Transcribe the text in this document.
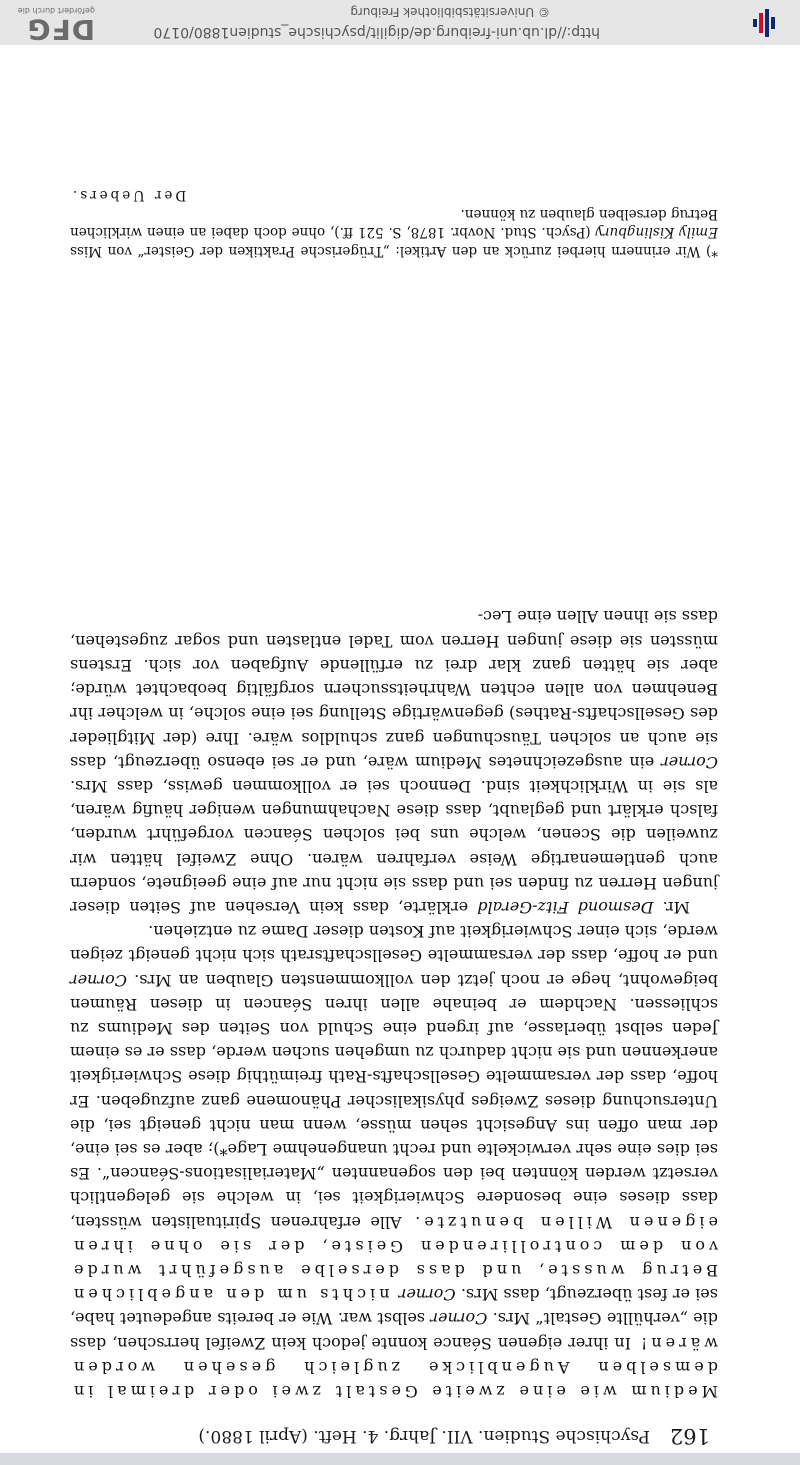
162
Psychische Studien. VII. Jahrg. 4. Heft. (April 1880.)

Medium wie eine zweite Gestalt zwei oder dreimal in demselben Augenblicke zugleich gesehen worden wären! In ihrer eigenen Séance konnte jedoch kein Zweifel herrschen, dass die „verhüllte Gestalt“ Mrs. Corner selbst war. Wie er bereits angedeutet habe, sei er fest überzeugt, dass Mrs. Corner nichts um den angeblichen Betrug wusste, und dass derselbe ausgeführt wurde von dem controllirenden Geiste, der sie ohne ihren eigenen Willen benutzte. Alle erfahrenen Spiritualisten wüssten, dass dieses eine besondere Schwierigkeit sei, in welche sie gelegentlich versetzt werden könnten bei den sogenannten „Materialisations-Séancen“. Es sei dies eine sehr verwickelte und recht unangenehme Lage*); aber es sei eine, der man offen ins Angesicht sehen müsse, wenn man nicht geneigt sei, die Untersuchung dieses Zweiges physikalischer Phänomene ganz aufzugeben. Er hoffe, dass der versammelte Gesellschafts-Rath freimüthig diese Schwierigkeit anerkennen und sie nicht dadurch zu umgehen suchen werde, dass er es einem Jeden selbst überlasse, auf irgend eine Schuld von Seiten des Mediums zu schliessen. Nachdem er beinahe allen ihren Séancen in diesen Räumen beigewohnt, hege er noch jetzt den vollkommensten Glauben an Mrs. Corner und er hoffe, dass der versammelte Gesellschaftsrath sich nicht geneigt zeigen werde, sich einer Schwierigkeit auf Kosten dieser Dame zu entziehen.

Mr. Desmond Fitz-Gerald erklärte, dass kein Versehen auf Seiten dieser jungen Herren zu finden sei und dass sie nicht nur auf eine geeignete, sondern auch gentlemenartige Weise verfahren wären. Ohne Zweifel hätten wir zuweilen die Scenen, welche uns bei solchen Séancen vorgeführt wurden, falsch erklärt und geglaubt, dass diese Nachahmungen weniger häufig wären, als sie in Wirklichkeit sind. Dennoch sei er vollkommen gewiss, dass Mrs. Corner ein ausgezeichnetes Medium wäre, und er sei ebenso überzeugt, dass sie auch an solchen Täuschungen ganz schuldlos wäre. Ihre (der Mitglieder des Gesellschafts-Rathes) gegenwärtige Stellung sei eine solche, in welcher ihr Benehmen von allen echten Wahrheitssuchern sorgfältig beobachtet würde; aber sie hätten ganz klar drei zu erfüllende Aufgaben vor sich. Erstens müssten sie diese jungen Herren vom Tadel entlasten und sogar zugestehen, dass sie ihnen Allen eine Lec-

*) Wir erinnern hierbei zurück an den Artikel: „Trügerische Praktiken der Geister“ von Miss Emily Kislingbury (Psych. Stud. Novbr. 1878, S. 521 ff.), ohne doch dabei an einen wirklichen Betrug derselben glauben zu können.
Der Uebers.
http://dl.ub.uni-freiburg.de/digilit/psychische_studien1880/0170
© Universitätsbibliothek Freiburg
DFG
gefördert durch die
